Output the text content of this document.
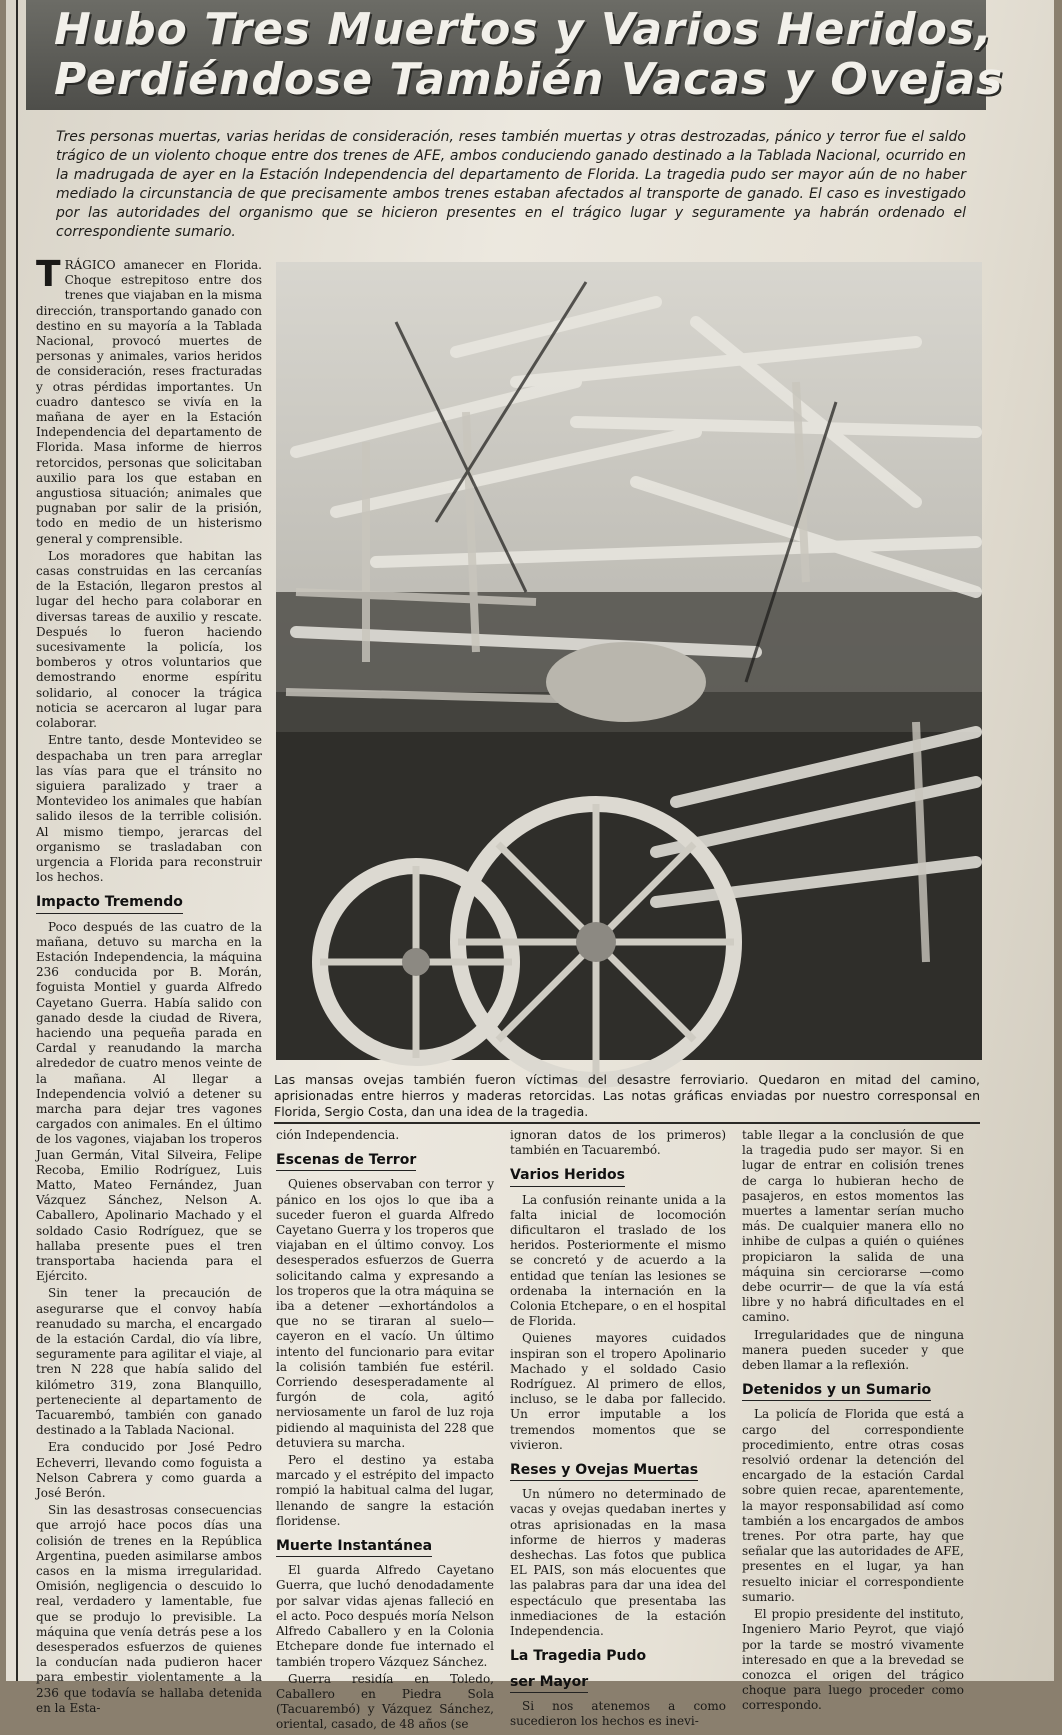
Hubo Tres Muertos y Varios Heridos,
Perdiéndose También Vacas y Ovejas
Tres personas muertas, varias heridas de consideración, reses también muertas y otras destrozadas, pánico y terror fue el saldo trágico de un violento choque entre dos trenes de AFE, ambos conduciendo ganado destinado a la Tablada Nacional, ocurrido en la madrugada de ayer en la Estación Independencia del departamento de Florida. La tragedia pudo ser mayor aún de no haber mediado la circunstancia de que precisamente ambos trenes estaban afectados al transporte de ganado. El caso es investigado por las autoridades del organismo que se hicieron presentes en el trágico lugar y seguramente ya habrán ordenado el correspondiente sumario.

TRÁGICO amanecer en Florida. Choque estrepitoso entre dos trenes que viajaban en la misma dirección, transportando ganado con destino en su mayoría a la Tablada Nacional, provocó muertes de personas y animales, varios heridos de consideración, reses fracturadas y otras pérdidas importantes. Un cuadro dantesco se vivía en la mañana de ayer en la Estación Independencia del departamento de Florida. Masa informe de hierros retorcidos, personas que solicitaban auxilio para los que estaban en angustiosa situación; animales que pugnaban por salir de la prisión, todo en medio de un histerismo general y comprensible.

Los moradores que habitan las casas construidas en las cercanías de la Estación, llegaron prestos al lugar del hecho para colaborar en diversas tareas de auxilio y rescate. Después lo fueron haciendo sucesivamente la policía, los bomberos y otros voluntarios que demostrando enorme espíritu solidario, al conocer la trágica noticia se acercaron al lugar para colaborar.

Entre tanto, desde Montevideo se despachaba un tren para arreglar las vías para que el tránsito no siguiera paralizado y traer a Montevideo los animales que habían salido ilesos de la terrible colisión. Al mismo tiempo, jerarcas del organismo se trasladaban con urgencia a Florida para reconstruir los hechos.

Impacto Tremendo

Poco después de las cuatro de la mañana, detuvo su marcha en la Estación Independencia, la máquina 236 conducida por B. Morán, foguista Montiel y guarda Alfredo Cayetano Guerra. Había salido con ganado desde la ciudad de Rivera, haciendo una pequeña parada en Cardal y reanudando la marcha alrededor de cuatro menos veinte de la mañana. Al llegar a Independencia volvió a detener su marcha para dejar tres vagones cargados con animales. En el último de los vagones, viajaban los troperos Juan Germán, Vital Silveira, Felipe Recoba, Emilio Rodríguez, Luis Matto, Mateo Fernández, Juan Vázquez Sánchez, Nelson A. Caballero, Apolinario Machado y el soldado Casio Rodríguez, que se hallaba presente pues el tren transportaba hacienda para el Ejército.

Sin tener la precaución de asegurarse que el convoy había reanudado su marcha, el encargado de la estación Cardal, dio vía libre, seguramente para agilitar el viaje, al tren N 228 que había salido del kilómetro 319, zona Blanquillo, perteneciente al departamento de Tacuarembó, también con ganado destinado a la Tablada Nacional.

Era conducido por José Pedro Echeverri, llevando como foguista a Nelson Cabrera y como guarda a José Berón.

Sin las desastrosas consecuencias que arrojó hace pocos días una colisión de trenes en la República Argentina, pueden asimilarse ambos casos en la misma irregularidad. Omisión, negligencia o descuido lo real, verdadero y lamentable, fue que se produjo lo previsible. La máquina que venía detrás pese a los desesperados esfuerzos de quienes la conducían nada pudieron hacer para embestir violentamente a la 236 que todavía se hallaba detenida en la Esta-

Las mansas ovejas también fueron víctimas del desastre ferroviario. Quedaron en mitad del camino, aprisionadas entre hierros y maderas retorcidas. Las notas gráficas enviadas por nuestro corresponsal en Florida, Sergio Costa, dan una idea de la tragedia.

ción Independencia.

Escenas de Terror

Quienes observaban con terror y pánico en los ojos lo que iba a suceder fueron el guarda Alfredo Cayetano Guerra y los troperos que viajaban en el último convoy. Los desesperados esfuerzos de Guerra solicitando calma y expresando a los troperos que la otra máquina se iba a detener —exhortándolos a que no se tiraran al suelo— cayeron en el vacío. Un último intento del funcionario para evitar la colisión también fue estéril. Corriendo desesperadamente al furgón de cola, agitó nerviosamente un farol de luz roja pidiendo al maquinista del 228 que detuviera su marcha.

Pero el destino ya estaba marcado y el estrépito del impacto rompió la habitual calma del lugar, llenando de sangre la estación floridense.

Muerte Instantánea

El guarda Alfredo Cayetano Guerra, que luchó denodadamente por salvar vidas ajenas falleció en el acto. Poco después moría Nelson Alfredo Caballero y en la Colonia Etchepare donde fue internado el también tropero Vázquez Sánchez.

Guerra residía en Toledo, Caballero en Piedra Sola (Tacuarembó) y Vázquez Sánchez, oriental, casado, de 48 años (se

ignoran datos de los primeros) también en Tacuarembó.

Varios Heridos

La confusión reinante unida a la falta inicial de locomoción dificultaron el traslado de los heridos. Posteriormente el mismo se concretó y de acuerdo a la entidad que tenían las lesiones se ordenaba la internación en la Colonia Etchepare, o en el hospital de Florida.

Quienes mayores cuidados inspiran son el tropero Apolinario Machado y el soldado Casio Rodríguez. Al primero de ellos, incluso, se le daba por fallecido. Un error imputable a los tremendos momentos que se vivieron.

Reses y Ovejas Muertas

Un número no determinado de vacas y ovejas quedaban inertes y otras aprisionadas en la masa informe de hierros y maderas deshechas. Las fotos que publica EL PAIS, son más elocuentes que las palabras para dar una idea del espectáculo que presentaba las inmediaciones de la estación Independencia.

La Tragedia Pudo
ser Mayor

Si nos atenemos a como sucedieron los hechos es inevi-

table llegar a la conclusión de que la tragedia pudo ser mayor. Si en lugar de entrar en colisión trenes de carga lo hubieran hecho de pasajeros, en estos momentos las muertes a lamentar serían mucho más. De cualquier manera ello no inhibe de culpas a quién o quiénes propiciaron la salida de una máquina sin cerciorarse —como debe ocurrir— de que la vía está libre y no habrá dificultades en el camino.

Irregularidades que de ninguna manera pueden suceder y que deben llamar a la reflexión.

Detenidos y un Sumario

La policía de Florida que está a cargo del correspondiente procedimiento, entre otras cosas resolvió ordenar la detención del encargado de la estación Cardal sobre quien recae, aparentemente, la mayor responsabilidad así como también a los encargados de ambos trenes. Por otra parte, hay que señalar que las autoridades de AFE, presentes en el lugar, ya han resuelto iniciar el correspondiente sumario.

El propio presidente del instituto, Ingeniero Mario Peyrot, que viajó por la tarde se mostró vivamente interesado en que a la brevedad se conozca el origen del trágico choque para luego proceder como correspondo.
